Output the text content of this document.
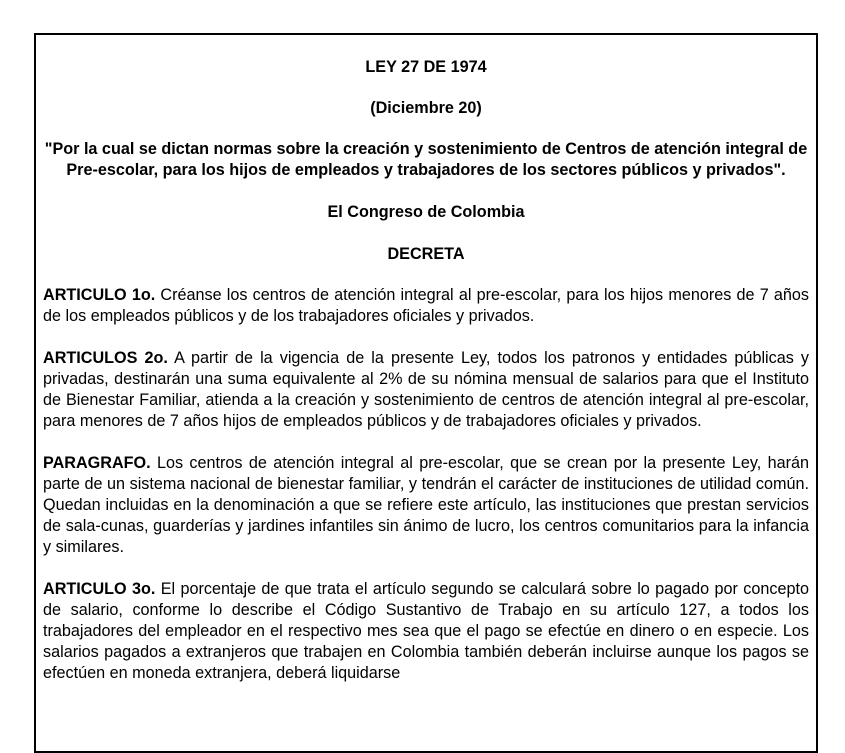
LEY 27 DE 1974

(Diciembre 20)

"Por la cual se dictan normas sobre la creación y sostenimiento de Centros de atención integral de Pre-escolar, para los hijos de empleados y trabajadores de los sectores públicos y privados".

El Congreso de Colombia

DECRETA

ARTICULO 1o. Créanse los centros de atención integral al pre-escolar, para los hijos menores de 7 años de los empleados públicos y de los trabajadores oficiales y privados.

ARTICULOS 2o. A partir de la vigencia de la presente Ley, todos los patronos y entidades públicas y privadas, destinarán una suma equivalente al 2% de su nómina mensual de salarios para que el Instituto de Bienestar Familiar, atienda a la creación y sostenimiento de centros de atención integral al pre-escolar, para menores de 7 años hijos de empleados públicos y de trabajadores oficiales y privados.

PARAGRAFO. Los centros de atención integral al pre-escolar, que se crean por la presente Ley, harán parte de un sistema nacional de bienestar familiar, y tendrán el carácter de instituciones de utilidad común. Quedan incluidas en la denominación a que se refiere este artículo, las instituciones que prestan servicios de sala-cunas, guarderías y jardines infantiles sin ánimo de lucro, los centros comunitarios para la infancia y similares.

ARTICULO 3o. El porcentaje de que trata el artículo segundo se calculará sobre lo pagado por concepto de salario, conforme lo describe el Código Sustantivo de Trabajo en su artículo 127, a todos los trabajadores del empleador en el respectivo mes sea que el pago se efectúe en dinero o en especie. Los salarios pagados a extranjeros que trabajen en Colombia también deberán incluirse aunque los pagos se efectúen en moneda extranjera, deberá liquidarse
